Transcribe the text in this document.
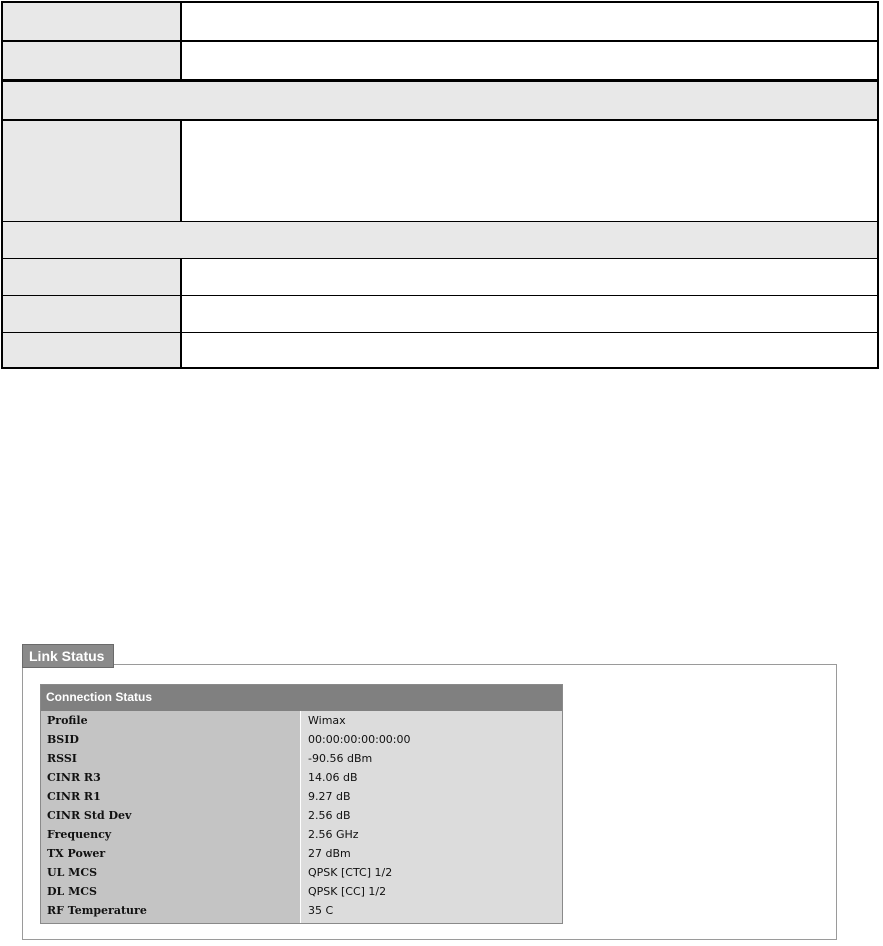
Link Status
Connection Status
Profile	Wimax
BSID	00:00:00:00:00:00
RSSI	-90.56 dBm
CINR R3	14.06 dB
CINR R1	9.27 dB
CINR Std Dev	2.56 dB
Frequency	2.56 GHz
TX Power	27 dBm
UL MCS	QPSK [CTC] 1/2
DL MCS	QPSK [CC] 1/2
RF Temperature	35 C
